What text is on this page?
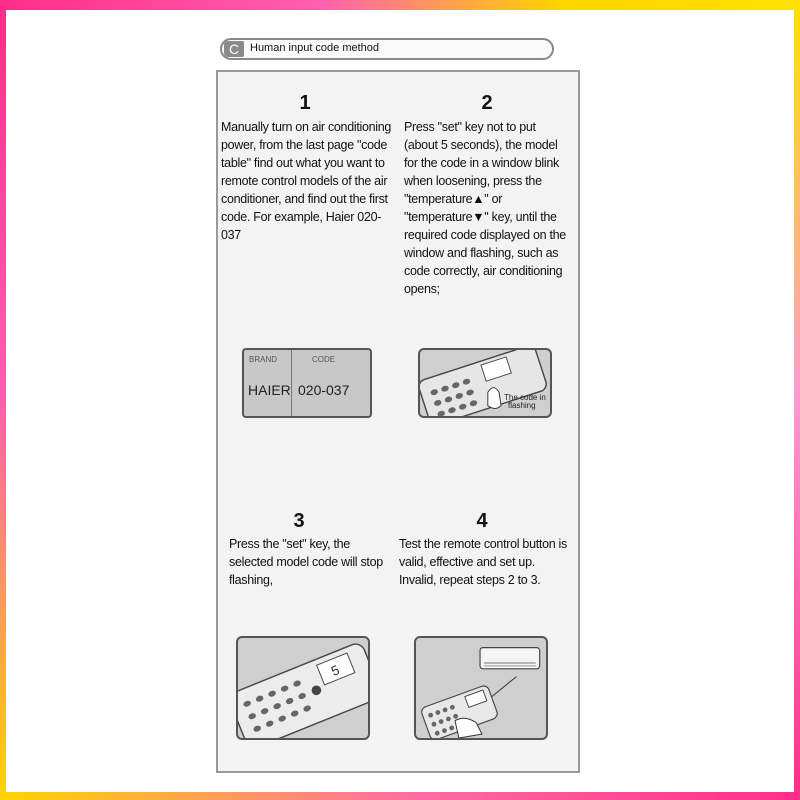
C Human input code method
1
Manually turn on air conditioning power, from the last page "code table" find out what you want to remote control models of the air conditioner, and find out the first code. For example, Haier 020-037
2
Press "set" key not to put (about 5 seconds), the model for the code in a window blink when loosening, press the "temperature▲" or "temperature▼" key, until the required code displayed on the window and flashing, such as code correctly, air conditioning opens;
BRAND	CODE
HAIER 020-037	The code in
flashing
3
Press the "set" key, the selected model code will stop flashing,
4
Test the remote control button is valid, effective and set up. Invalid, repeat steps 2 to 3.
5
